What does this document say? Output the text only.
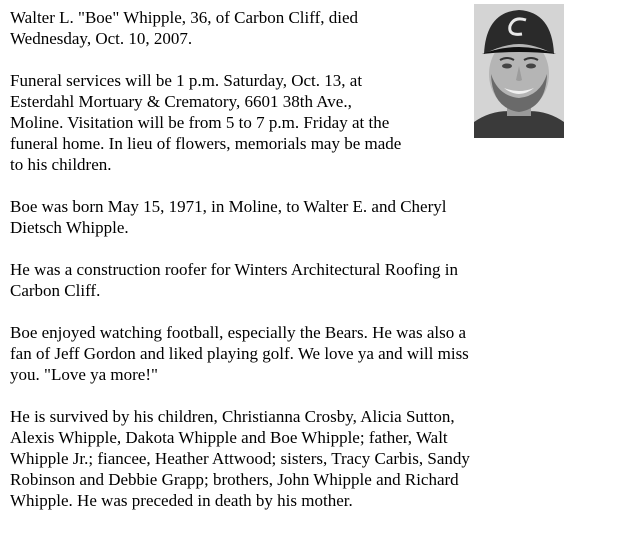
Walter L. "Boe" Whipple, 36, of Carbon Cliff, died
Wednesday, Oct. 10, 2007.

Funeral services will be 1 p.m. Saturday, Oct. 13, at
Esterdahl Mortuary & Crematory, 6601 38th Ave.,
Moline. Visitation will be from 5 to 7 p.m. Friday at the
funeral home. In lieu of flowers, memorials may be made
to his children.

Boe was born May 15, 1971, in Moline, to Walter E. and Cheryl
Dietsch Whipple.

He was a construction roofer for Winters Architectural Roofing in
Carbon Cliff.

Boe enjoyed watching football, especially the Bears. He was also a
fan of Jeff Gordon and liked playing golf. We love ya and will miss
you. "Love ya more!"

He is survived by his children, Christianna Crosby, Alicia Sutton,
Alexis Whipple, Dakota Whipple and Boe Whipple; father, Walt
Whipple Jr.; fiancee, Heather Attwood; sisters, Tracy Carbis, Sandy
Robinson and Debbie Grapp; brothers, John Whipple and Richard
Whipple. He was preceded in death by his mother.
